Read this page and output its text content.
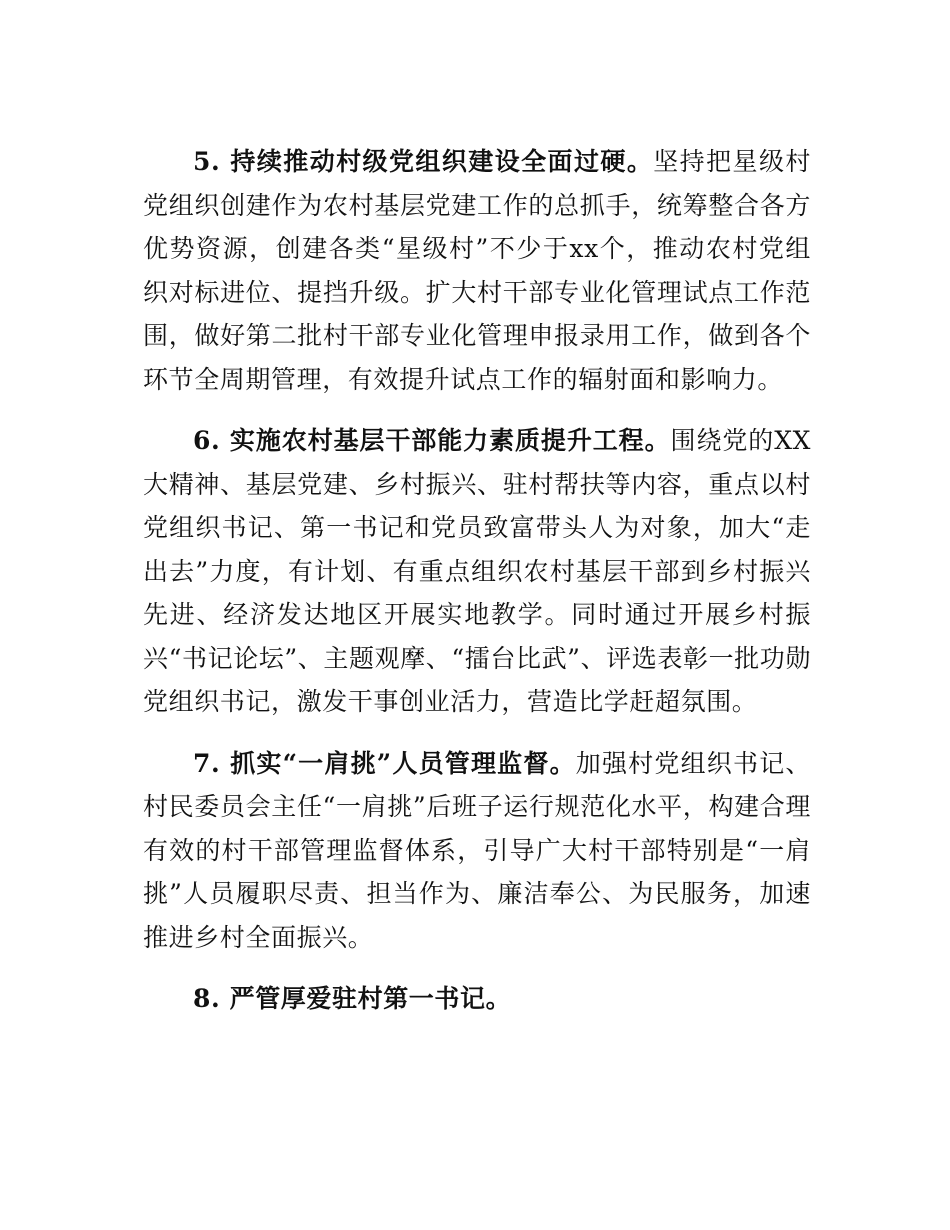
5. 持续推动村级党组织建设全面过硬。坚持把星级村党组织创建作为农村基层党建工作的总抓手，统筹整合各方优势资源，创建各类“星级村”不少于xx个，推动农村党组织对标进位、提挡升级。扩大村干部专业化管理试点工作范围，做好第二批村干部专业化管理申报录用工作，做到各个环节全周期管理，有效提升试点工作的辐射面和影响力。

6. 实施农村基层干部能力素质提升工程。围绕党的XX大精神、基层党建、乡村振兴、驻村帮扶等内容，重点以村党组织书记、第一书记和党员致富带头人为对象，加大“走出去”力度，有计划、有重点组织农村基层干部到乡村振兴先进、经济发达地区开展实地教学。同时通过开展乡村振兴“书记论坛”、主题观摩、“擂台比武”、评选表彰一批功勋党组织书记，激发干事创业活力，营造比学赶超氛围。

7. 抓实“一肩挑”人员管理监督。加强村党组织书记、村民委员会主任“一肩挑”后班子运行规范化水平，构建合理有效的村干部管理监督体系，引导广大村干部特别是“一肩挑”人员履职尽责、担当作为、廉洁奉公、为民服务，加速推进乡村全面振兴。

8. 严管厚爱驻村第一书记。
